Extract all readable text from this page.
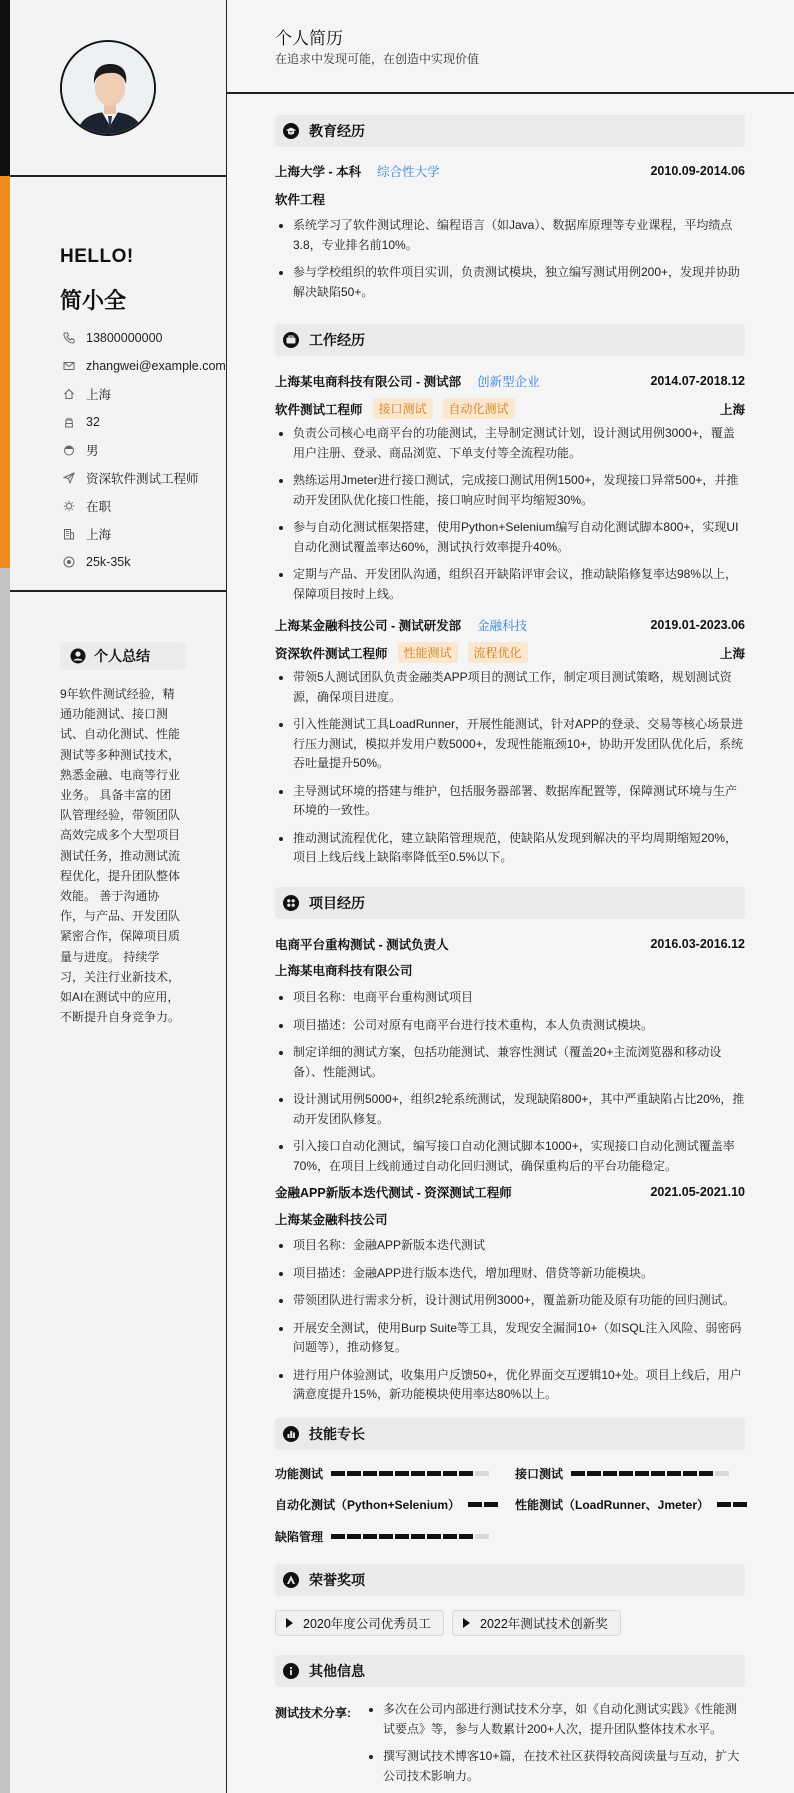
HELLO!
简小全
13800000000
zhangwei@example.com
上海
32
男
资深软件测试工程师
在职
上海
25k-35k
个人总结
9年软件测试经验，精通功能测试、接口测试、自动化测试、性能测试等多种测试技术，熟悉金融、电商等行业业务。 具备丰富的团队管理经验，带领团队高效完成多个大型项目测试任务，推动测试流程优化，提升团队整体效能。 善于沟通协作，与产品、开发团队紧密合作，保障项目质量与进度。 持续学习，关注行业新技术，如AI在测试中的应用，不断提升自身竞争力。
个人简历
在追求中发现可能，在创造中实现价值
教育经历
上海大学 - 本科 综合性大学	2010.09-2014.06
软件工程
系统学习了软件测试理论、编程语言（如Java）、数据库原理等专业课程，平均绩点3.8，专业排名前10%。
参与学校组织的软件项目实训，负责测试模块，独立编写测试用例200+，发现并协助解决缺陷50+。
工作经历
上海某电商科技有限公司 - 测试部 创新型企业	2014.07-2018.12
软件测试工程师	接口测试	自动化测试	上海
负责公司核心电商平台的功能测试，主导制定测试计划，设计测试用例3000+，覆盖用户注册、登录、商品浏览、下单支付等全流程功能。
熟练运用Jmeter进行接口测试，完成接口测试用例1500+，发现接口异常500+，并推动开发团队优化接口性能，接口响应时间平均缩短30%。
参与自动化测试框架搭建，使用Python+Selenium编写自动化测试脚本800+，实现UI自动化测试覆盖率达60%，测试执行效率提升40%。
定期与产品、开发团队沟通，组织召开缺陷评审会议，推动缺陷修复率达98%以上，保障项目按时上线。
上海某金融科技公司 - 测试研发部 金融科技	2019.01-2023.06
资深软件测试工程师	性能测试	流程优化	上海
带领5人测试团队负责金融类APP项目的测试工作，制定项目测试策略，规划测试资源，确保项目进度。
引入性能测试工具LoadRunner，开展性能测试，针对APP的登录、交易等核心场景进行压力测试，模拟并发用户数5000+，发现性能瓶颈10+，协助开发团队优化后，系统吞吐量提升50%。
主导测试环境的搭建与维护，包括服务器部署、数据库配置等，保障测试环境与生产环境的一致性。
推动测试流程优化，建立缺陷管理规范，使缺陷从发现到解决的平均周期缩短20%，项目上线后线上缺陷率降低至0.5%以下。
项目经历
电商平台重构测试 - 测试负责人	2016.03-2016.12
上海某电商科技有限公司
项目名称：电商平台重构测试项目
项目描述：公司对原有电商平台进行技术重构，本人负责测试模块。
制定详细的测试方案，包括功能测试、兼容性测试（覆盖20+主流浏览器和移动设备）、性能测试。
设计测试用例5000+，组织2轮系统测试，发现缺陷800+，其中严重缺陷占比20%，推动开发团队修复。
引入接口自动化测试，编写接口自动化测试脚本1000+，实现接口自动化测试覆盖率70%，在项目上线前通过自动化回归测试，确保重构后的平台功能稳定。
金融APP新版本迭代测试 - 资深测试工程师	2021.05-2021.10
上海某金融科技公司
项目名称：金融APP新版本迭代测试
项目描述：金融APP进行版本迭代，增加理财、借贷等新功能模块。
带领团队进行需求分析，设计测试用例3000+，覆盖新功能及原有功能的回归测试。
开展安全测试，使用Burp Suite等工具，发现安全漏洞10+（如SQL注入风险、弱密码问题等），推动修复。
进行用户体验测试，收集用户反馈50+，优化界面交互逻辑10+处。项目上线后，用户满意度提升15%，新功能模块使用率达80%以上。
技能专长
功能测试	接口测试
自动化测试（Python+Selenium）	性能测试（LoadRunner、Jmeter）
缺陷管理
荣誉奖项
2020年度公司优秀员工	2022年测试技术创新奖
其他信息
测试技术分享:	多次在公司内部进行测试技术分享，如《自动化测试实践》《性能测试要点》等，参与人数累计200+人次，提升团队整体技术水平。
撰写测试技术博客10+篇，在技术社区获得较高阅读量与互动，扩大公司技术影响力。
